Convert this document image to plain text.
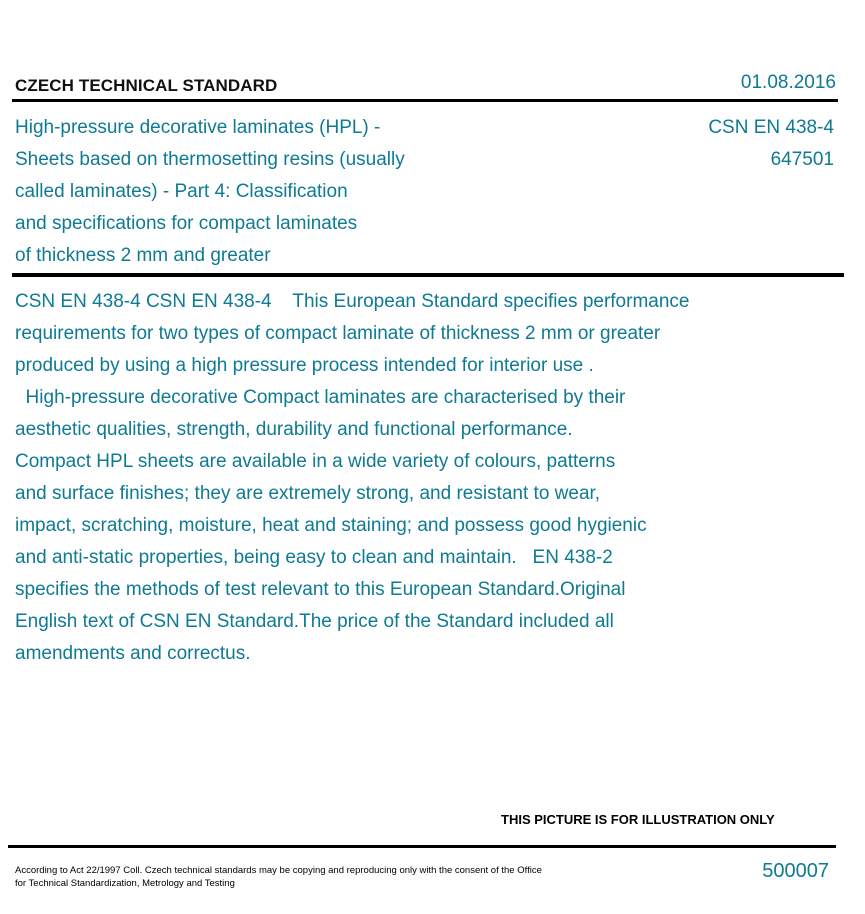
CZECH TECHNICAL STANDARD	01.08.2016
High-pressure decorative laminates (HPL) -
Sheets based on thermosetting resins (usually
called laminates) - Part 4: Classification
and specifications for compact laminates
of thickness 2 mm and greater
CSN EN 438-4
647501
CSN EN 438-4 CSN EN 438-4    This European Standard specifies performance
requirements for two types of compact laminate of thickness 2 mm or greater
produced by using a high pressure process intended for interior use .
High-pressure decorative Compact laminates are characterised by their
aesthetic qualities, strength, durability and functional performance.
Compact HPL sheets are available in a wide variety of colours, patterns
and surface finishes; they are extremely strong, and resistant to wear,
impact, scratching, moisture, heat and staining; and possess good hygienic
and anti-static properties, being easy to clean and maintain.   EN 438-2
specifies the methods of test relevant to this European Standard.Original
English text of CSN EN Standard.The price of the Standard included all
amendments and correctus.
THIS PICTURE IS FOR ILLUSTRATION ONLY
According to Act 22/1997 Coll. Czech technical standards may be copying and reproducing only with the consent of the Office
for Technical Standardization, Metrology and Testing
500007
